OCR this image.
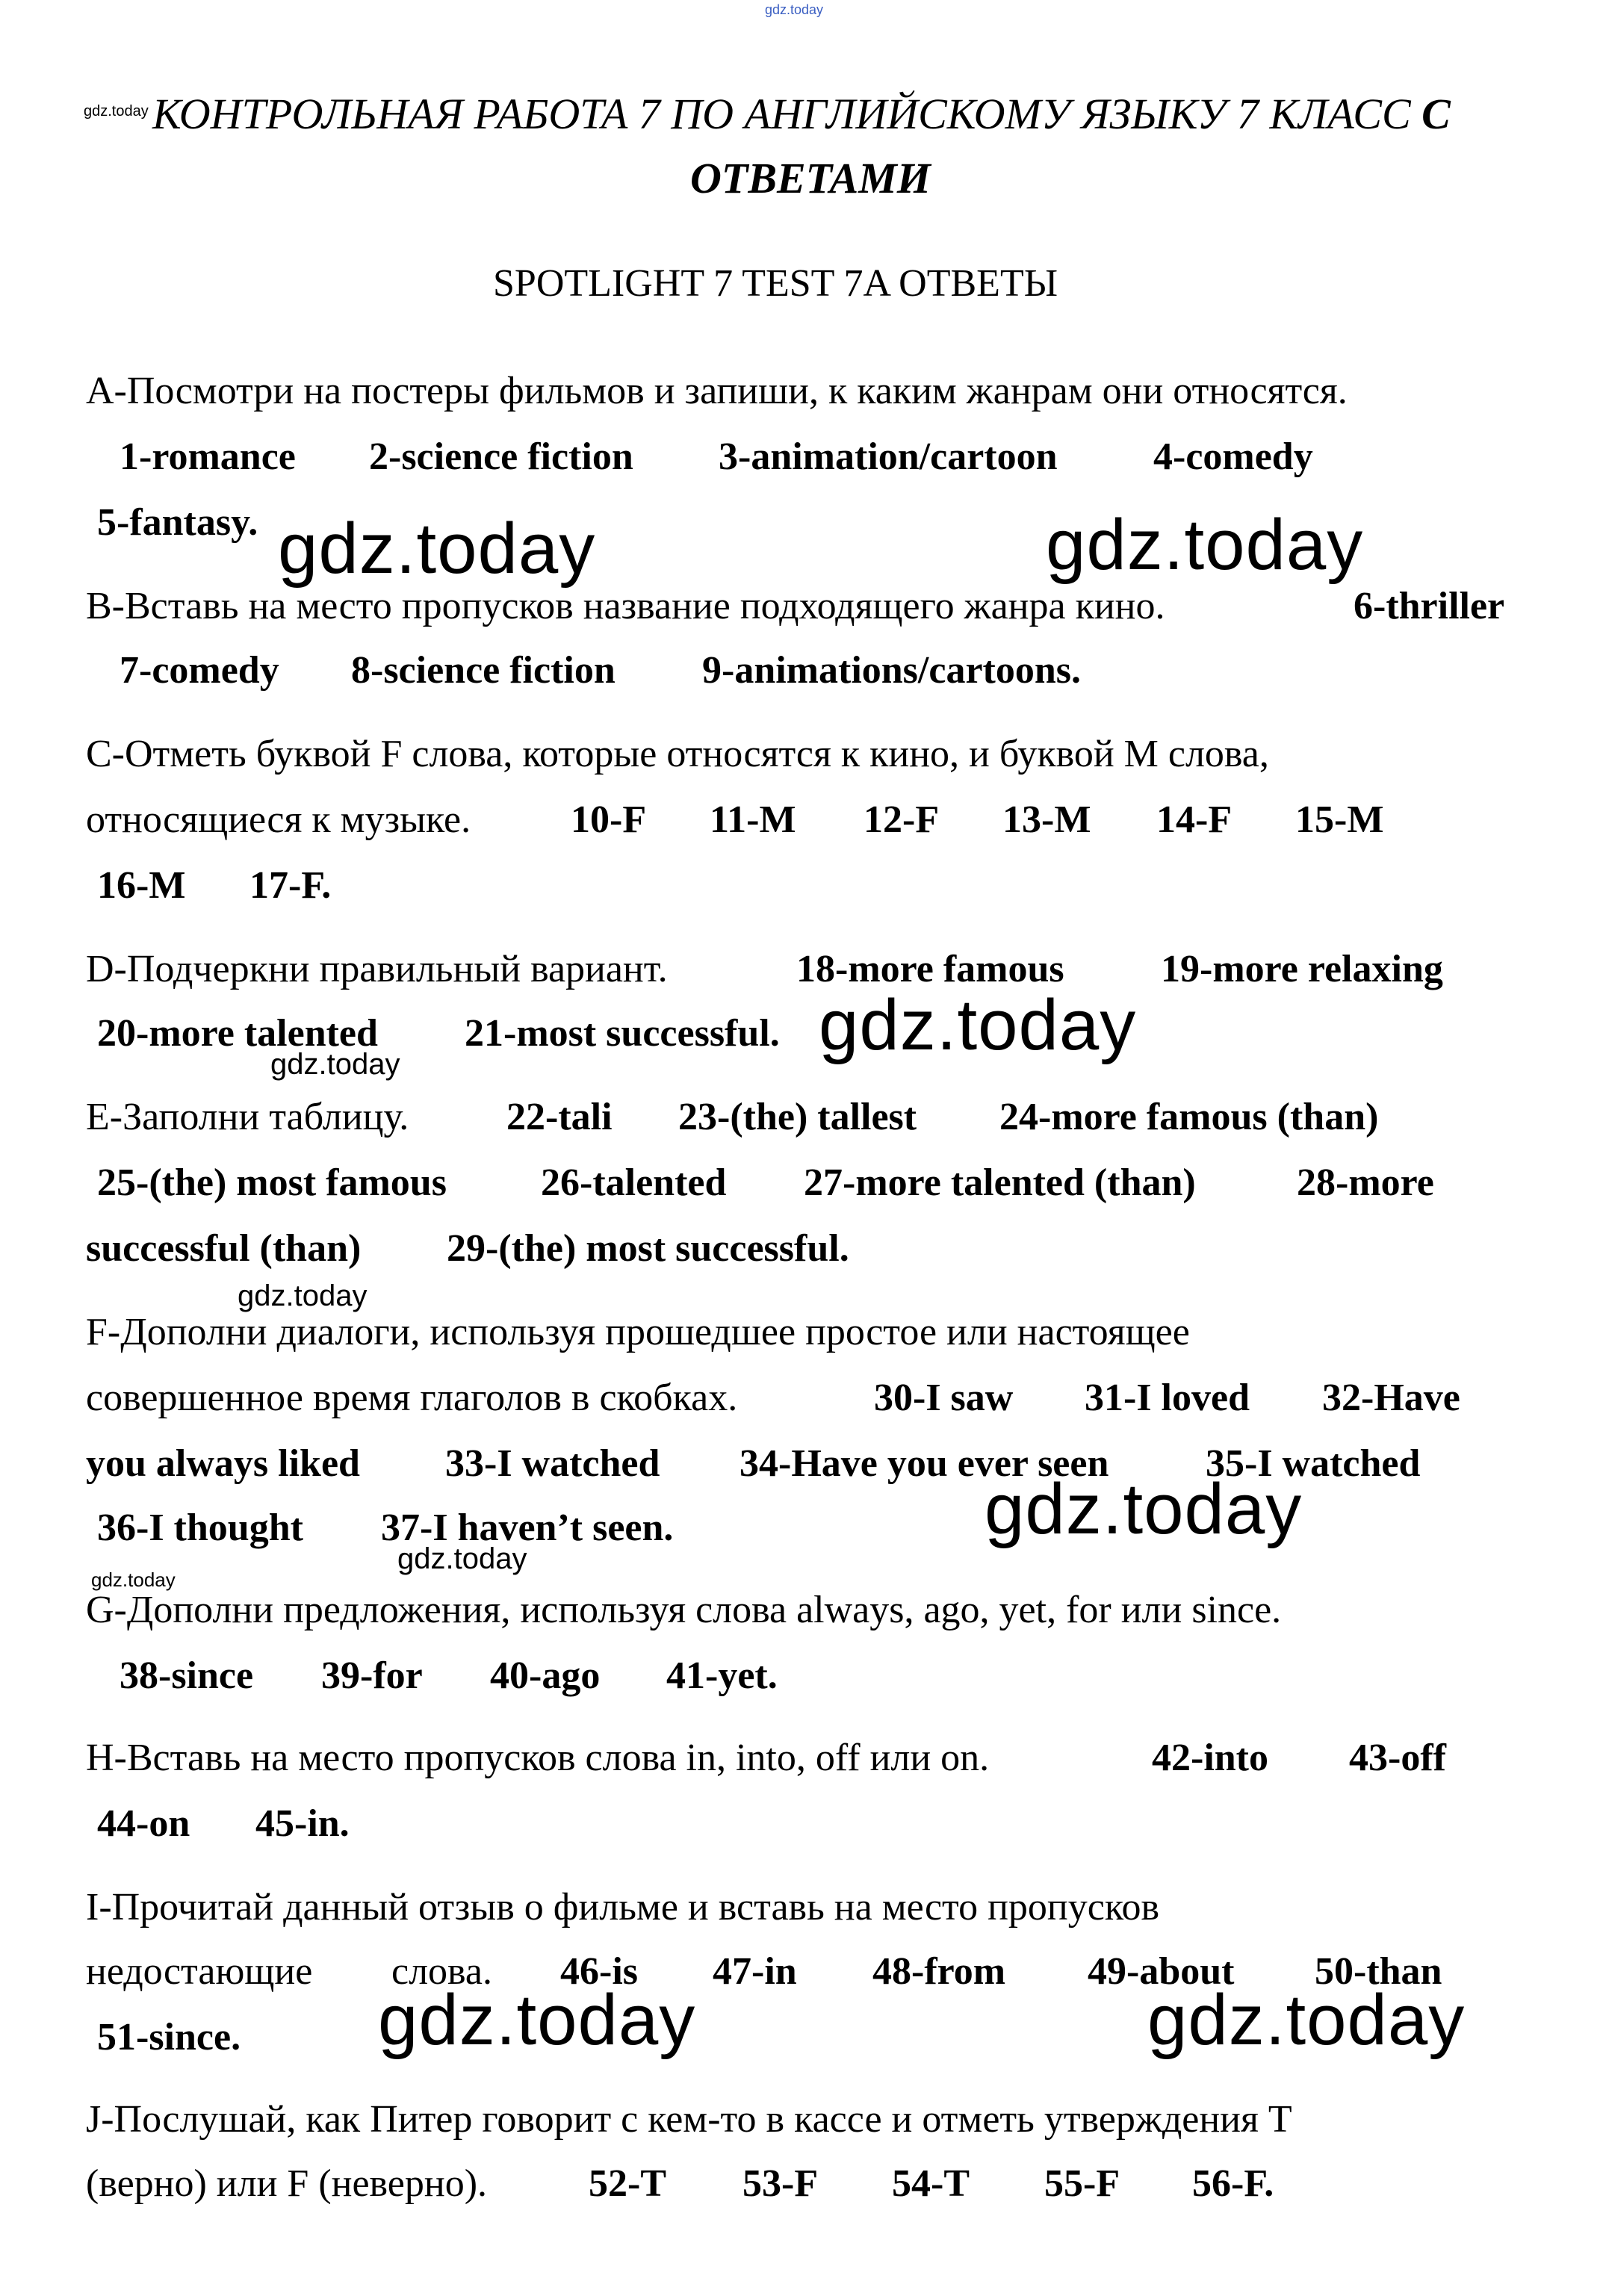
gdz.today
gdz.today
gdz.today	gdz.today
gdz.today
gdz.today
gdz.today
gdz.today
gdz.today
gdz.today
gdz.today	gdz.today
КОНТРОЛЬНАЯ РАБОТА 7 ПО АНГЛИЙСКОМУ ЯЗЫКУ 7 КЛАСС С
ОТВЕТАМИ
SPOTLIGHT 7 TEST 7A ОТВЕТЫ
A-Посмотри на постеры фильмов и запиши, к каким жанрам они относятся.
1-romance 2-science fiction 3-animation/cartoon 4-comedy
5-fantasy.
B-Вставь на место пропусков название подходящего жанра кино.	6-thriller
7-comedy 8-science fiction 9-animations/cartoons.
C-Отметь буквой F слова, которые относятся к кино, и буквой M слова,
относящиеся к музыке.	10-F 11-M 12-F 13-M 14-F 15-M
16-M 17-F.
D-Подчеркни правильный вариант.	18-more famous 19-more relaxing
20-more talented 21-most successful.
E-Заполни таблицу.	22-tali 23-(the) tallest 24-more famous (than)
25-(the) most famous 26-talented 27-more talented (than)	28-more
successful (than) 29-(the) most successful.
F-Дополни диалоги, используя прошедшее простое или настоящее
совершенное время глаголов в скобках.	30-I saw 31-I loved 32-Have
you always liked 33-I watched 34-Have you ever seen 35-I watched
36-I thought 37-I haven’t seen.
G-Дополни предложения, используя слова always, ago, yet, for или since.
38-since 39-for 40-ago 41-yet.
H-Вставь на место пропусков слова in, into, off или on.	42-into 43-off
44-on 45-in.
I-Прочитай данный отзыв о фильме и вставь на место пропусков
недостающие слова. 46-is 47-in 48-from 49-about 50-than
51-since.
J-Послушай, как Питер говорит с кем-то в кассе и отметь утверждения T
(верно) или F (неверно).	52-T 53-F 54-T 55-F 56-F.
